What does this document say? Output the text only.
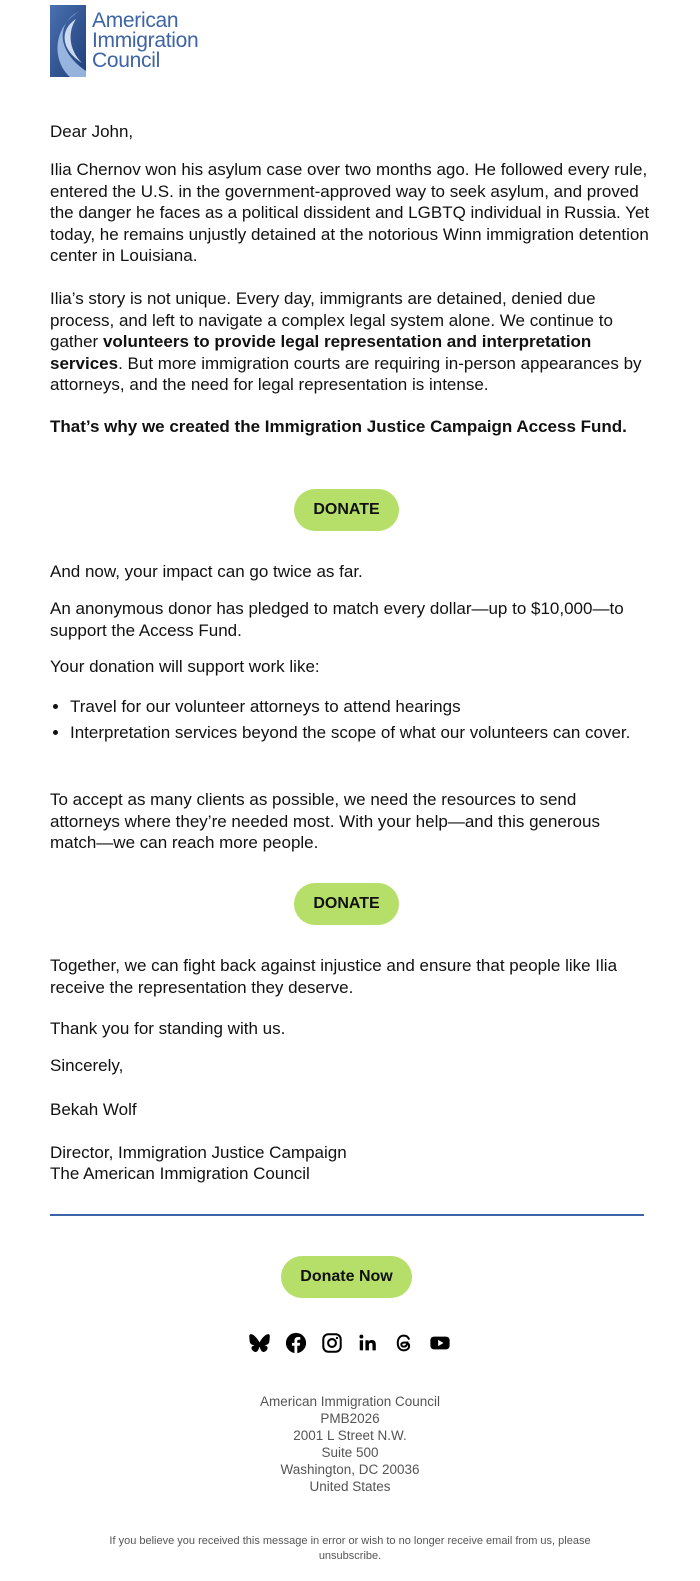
American
Immigration
Council

Dear John,

Ilia Chernov won his asylum case over two months ago. He followed every rule, entered the U.S. in the government-approved way to seek asylum, and proved the danger he faces as a political dissident and LGBTQ individual in Russia. Yet today, he remains unjustly detained at the notorious Winn immigration detention center in Louisiana.

Ilia’s story is not unique. Every day, immigrants are detained, denied due process, and left to navigate a complex legal system alone. We continue to gather volunteers to provide legal representation and interpretation services. But more immigration courts are requiring in-person appearances by attorneys, and the need for legal representation is intense.

That’s why we created the Immigration Justice Campaign Access Fund.

DONATE

And now, your impact can go twice as far.

An anonymous donor has pledged to match every dollar—up to $10,000—to support the Access Fund.

Your donation will support work like:

• Travel for our volunteer attorneys to attend hearings
• Interpretation services beyond the scope of what our volunteers can cover.

To accept as many clients as possible, we need the resources to send attorneys where they’re needed most. With your help—and this generous match—we can reach more people.

DONATE

Together, we can fight back against injustice and ensure that people like Ilia receive the representation they deserve.

Thank you for standing with us.

Sincerely,

Bekah Wolf

Director, Immigration Justice Campaign

The American Immigration Council

Donate Now
American Immigration Council
PMB2026
2001 L Street N.W.
Suite 500
Washington, DC 20036
United States

If you believe you received this message in error or wish to no longer receive email from us, please unsubscribe.
